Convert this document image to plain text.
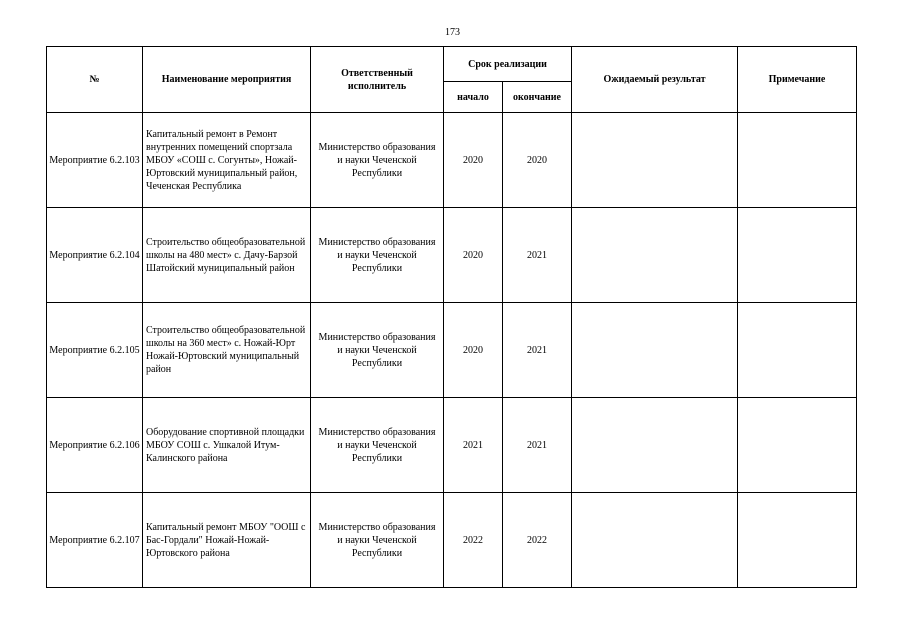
173
№	Наименование мероприятия	Ответственный исполнитель	Срок реализации		Ожидаемый результат	Примечание
			начало	окончание		
Мероприятие 6.2.103	Капитальный ремонт в Ремонт внутренних помещений спортзала МБОУ «СОШ с. Согунты», Ножай-Юртовский муниципальный район, Чеченская Республика	Министерство образования и науки Чеченской Республики	2020	2020		
Мероприятие 6.2.104	Строительство общеобразовательной школы на 480 мест» с. Дачу-Барзой Шатойский муниципальный район	Министерство образования и науки Чеченской Республики	2020	2021		
Мероприятие 6.2.105	Строительство общеобразовательной школы на 360 мест» с. Ножай-Юрт Ножай-Юртовский муниципальный район	Министерство образования и науки Чеченской Республики	2020	2021		
Мероприятие 6.2.106	Оборудование спортивной площадки МБОУ СОШ с. Ушкалой Итум-Калинского района	Министерство образования и науки Чеченской Республики	2021	2021		
Мероприятие 6.2.107	Капитальный ремонт МБОУ "ООШ с Бас-Гордали" Ножай-Ножай-Юртовского района	Министерство образования и науки Чеченской Республики	2022	2022		
